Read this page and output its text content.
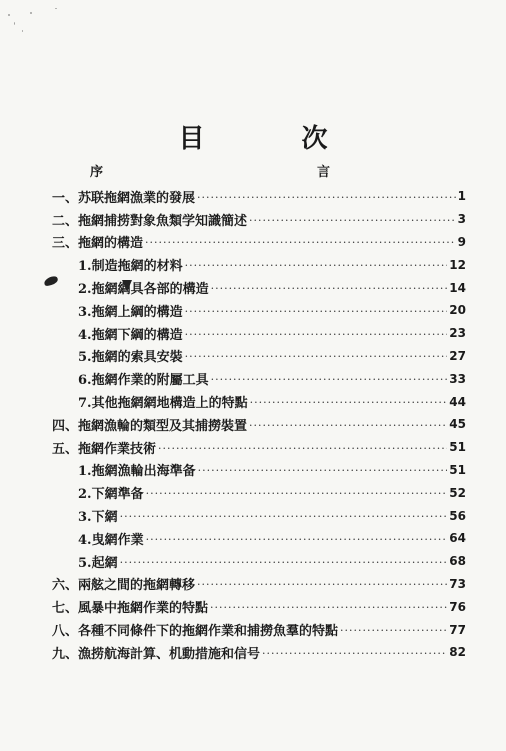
目 次
序	言
一、苏联拖網漁業的發展 ·····	1
二、拖網捕捞對象魚類学知識簡述 ·····	3
三、拖網的構造 ·····	9
1.制造拖網的材料 ·····	12
2.拖網網具各部的構造 ·····	14
3.拖網上綱的構造 ·····	20
4.拖網下綱的構造 ·····	23
5.拖網的索具安裝 ·····	27
6.拖網作業的附屬工具 ·····	33
7.其他拖網網地構造上的特點 ·····	44
四、拖網漁輪的類型及其捕撈裝置 ·····	45
五、拖網作業技術 ·····	51
1.拖網漁輪出海準备 ·····	51
2.下網準备 ·····	52
3.下網 ·····	56
4.曳網作業 ·····	64
5.起網 ·····	68
六、兩舷之間的拖網轉移 ·····	73
七、風暴中拖網作業的特點 ·····	76
八、各種不同條件下的拖網作業和捕撈魚羣的特點 ·····	77
九、漁捞航海計算、机動措施和信号 ·····	82
